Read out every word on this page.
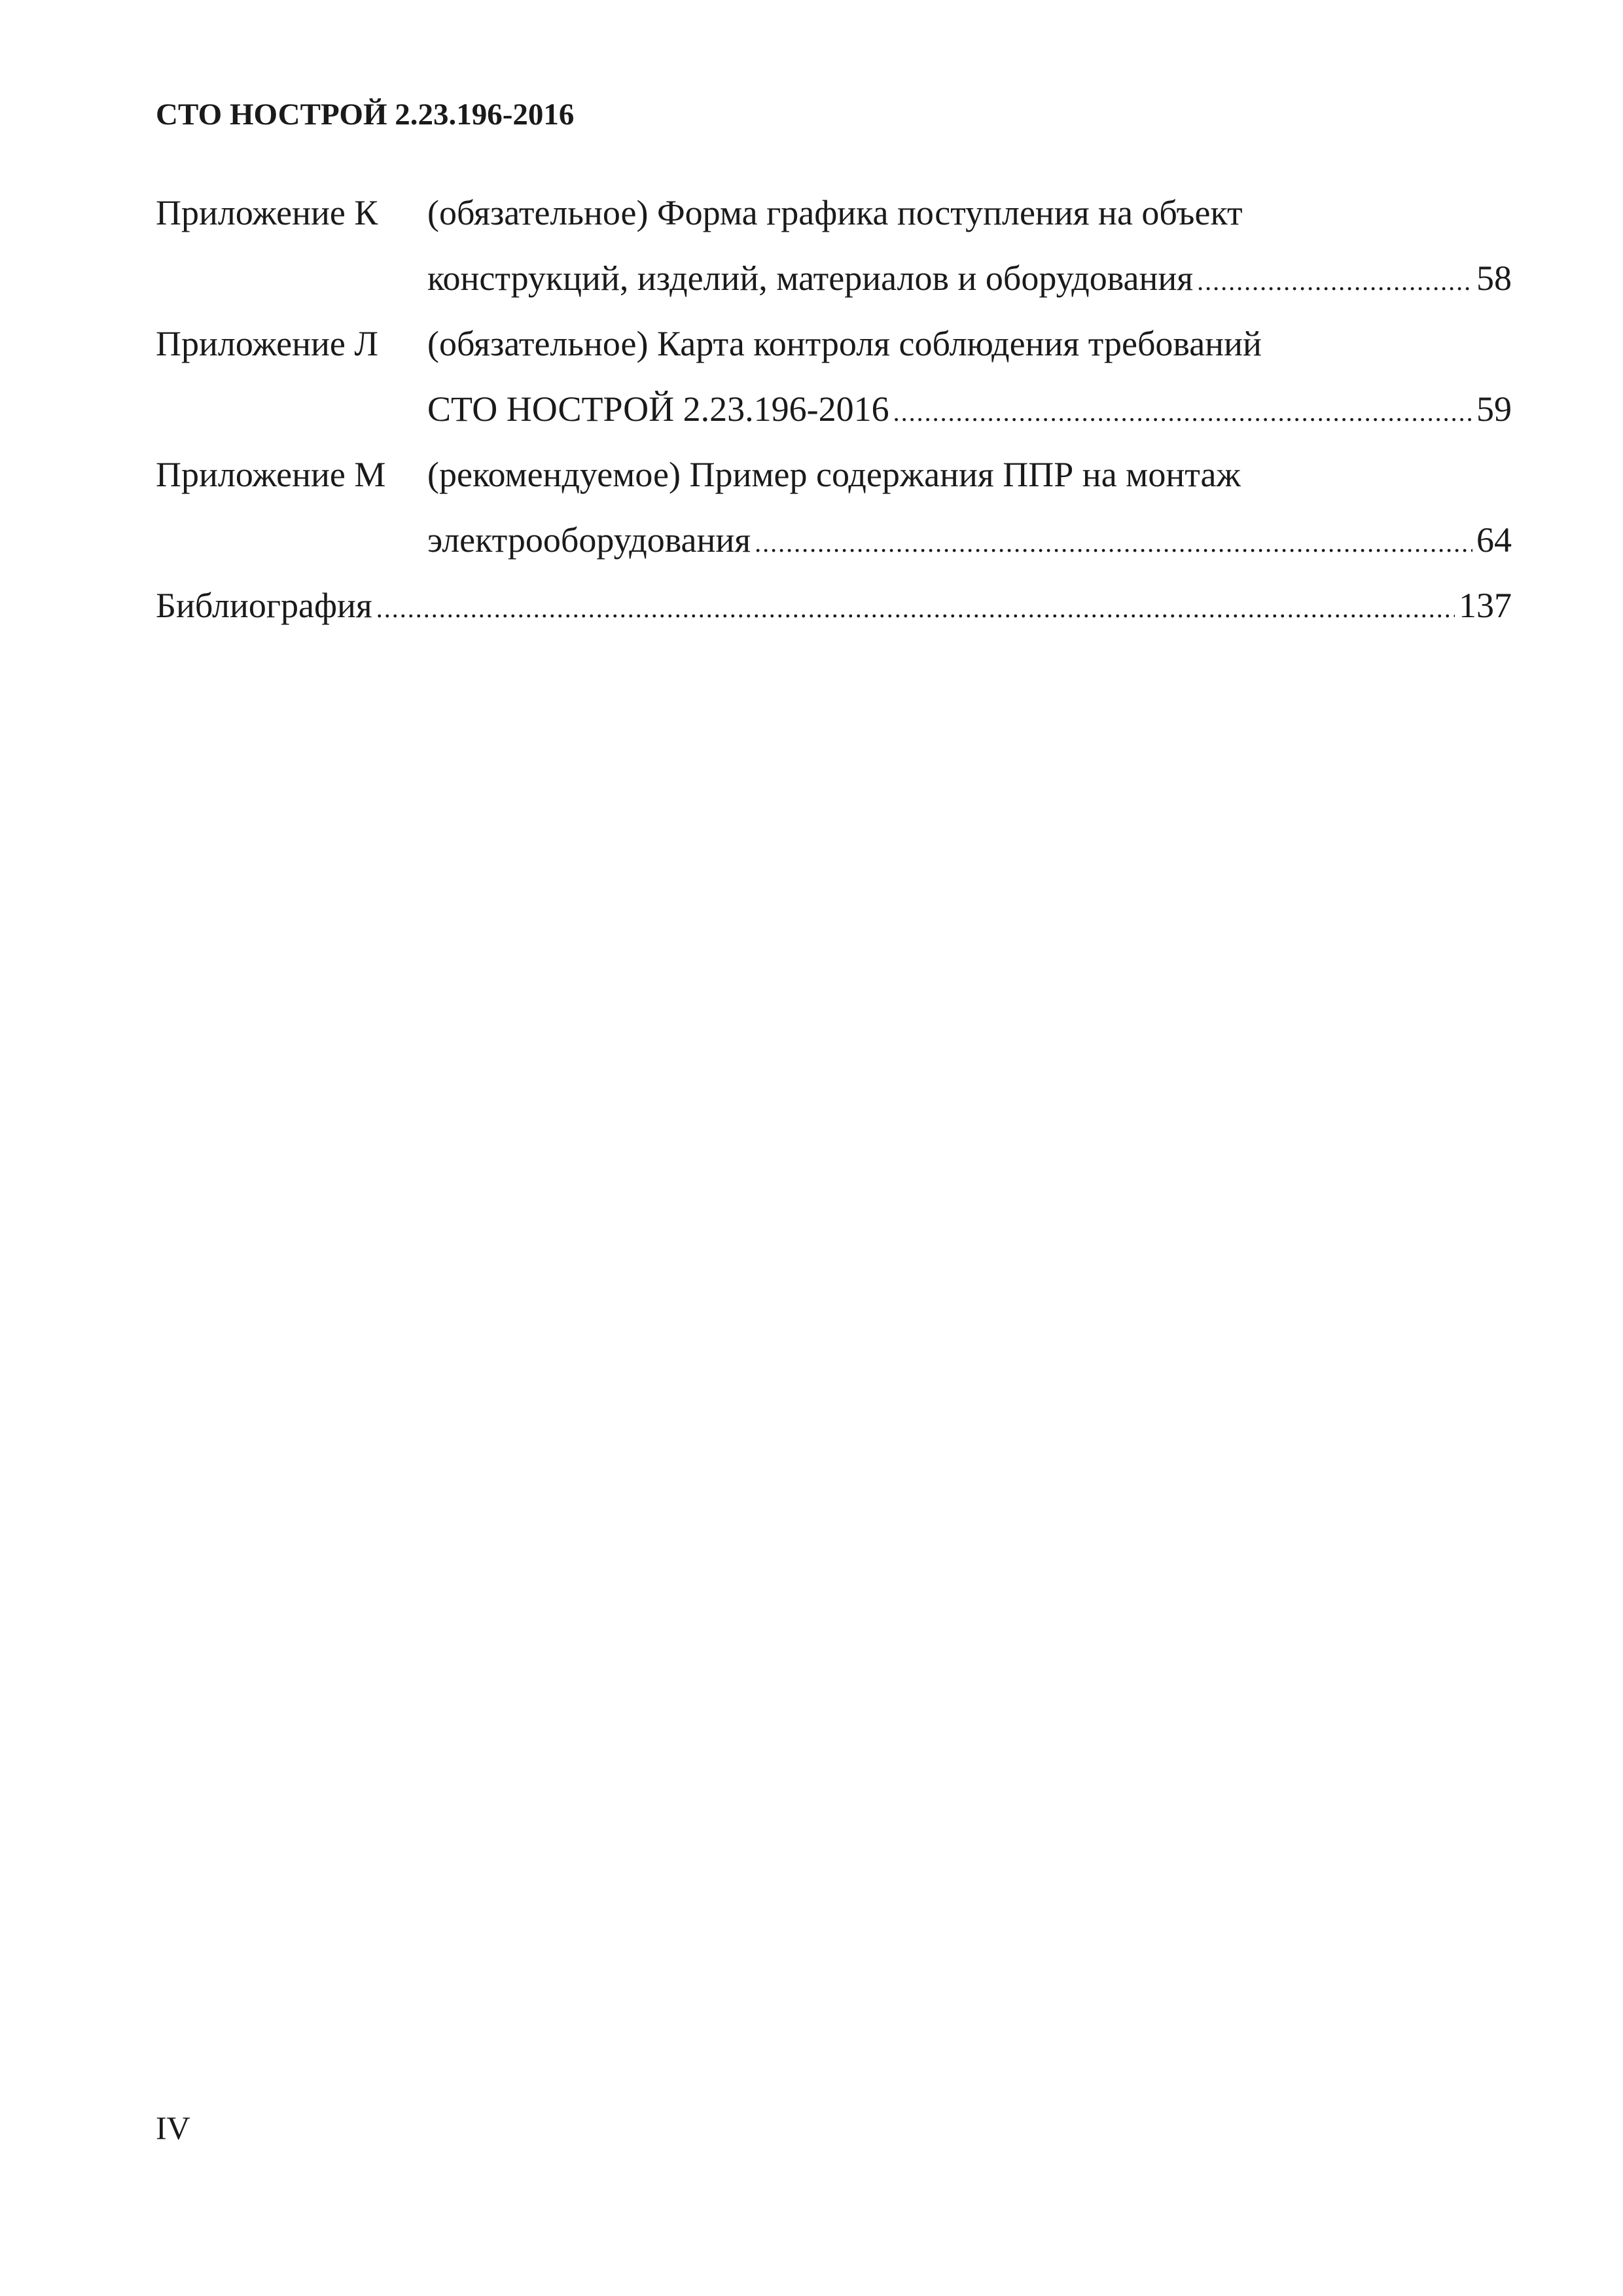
СТО НОСТРОЙ 2.23.196-2016
Приложение К (обязательное) Форма графика поступления на объект
конструкций, изделий, материалов и оборудования .....	58
Приложение Л (обязательное) Карта контроля соблюдения требований
СТО НОСТРОЙ 2.23.196-2016 .....	59
Приложение М (рекомендуемое) Пример содержания ППР на монтаж
электрооборудования .....	64
Библиография .....	137
IV
